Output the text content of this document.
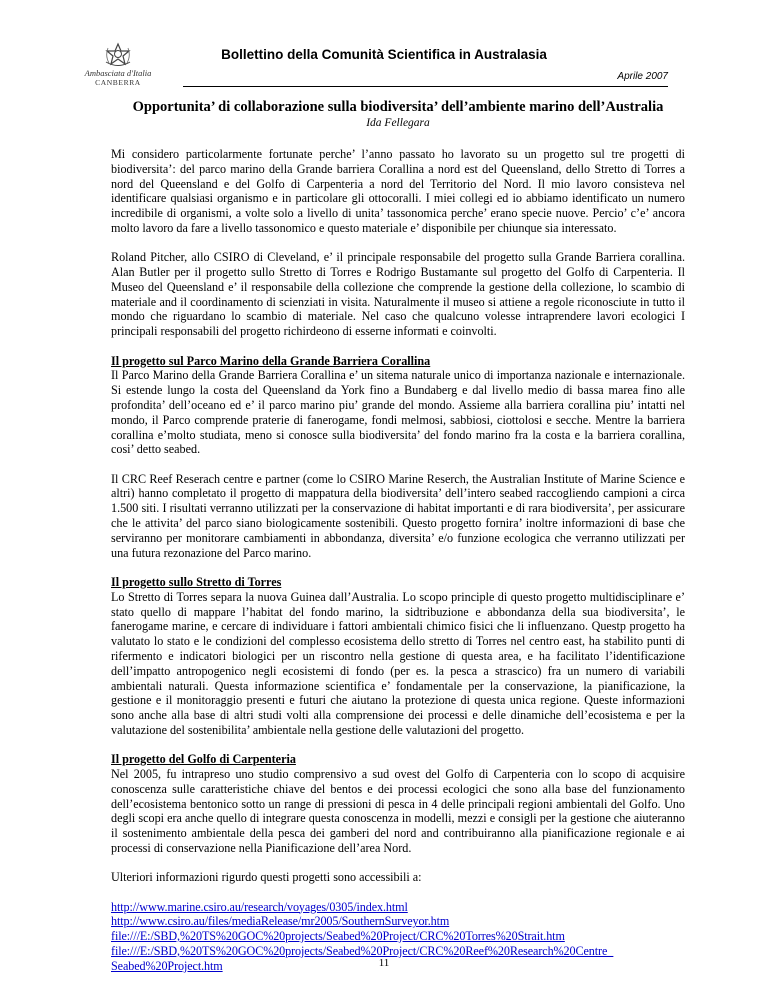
Ambasciata d'Italia
CANBERRA
Bollettino della Comunità Scientifica in Australasia
Aprile 2007

Opportunita’ di collaborazione sulla biodiversita’ dell’ambiente marino dell’Australia

Ida Fellegara

Mi considero particolarmente fortunate perche’ l’anno passato ho lavorato su un progetto sul tre progetti di biodiversita’: del parco marino della Grande barriera Corallina a nord est del Queensland, dello Stretto di Torres a nord del Queensland e del Golfo di Carpenteria a nord del Territorio del Nord. Il mio lavoro consisteva nel identificare qualsiasi organismo e in particolare gli ottocoralli. I miei collegi ed io abbiamo identificato un numero incredibile di organismi, a volte solo a livello di unita’ tassonomica perche’ erano specie nuove. Percio’ c’e’ ancora molto lavoro da fare a livello tassonomico e questo materiale e’ disponibile per chiunque sia interessato.

Roland Pitcher, allo CSIRO di Cleveland, e’ il principale responsabile del progetto sulla Grande Barriera corallina. Alan Butler per il progetto sullo Stretto di Torres e Rodrigo Bustamante sul progetto del Golfo di Carpenteria. Il Museo del Queensland e’ il responsabile della collezione che comprende la gestione della collezione, lo scambio di materiale and il coordinamento di scienziati in visita. Naturalmente il museo si attiene a regole riconosciute in tutto il mondo che riguardano lo scambio di materiale. Nel caso che qualcuno volesse intraprendere lavori ecologici I principali responsabili del progetto richirdeono di esserne informati e coinvolti.

Il progetto sul Parco Marino della Grande Barriera Corallina

Il Parco Marino della Grande Barriera Corallina e’ un sitema naturale unico di importanza nazionale e internazionale. Si estende lungo la costa del Queensland da York fino a Bundaberg e dal livello medio di bassa marea fino alle profondita’ dell’oceano ed e’ il parco marino piu’ grande del mondo. Assieme alla barriera corallina piu’ intatti nel mondo, il Parco comprende praterie di fanerogame, fondi melmosi, sabbiosi, ciottolosi e secche. Mentre la barriera corallina e’molto studiata, meno si conosce sulla biodiversita’ del fondo marino fra la costa e la barriera corallina, cosi’ detto seabed.

Il CRC Reef Reserach centre e partner (come lo CSIRO Marine Reserch, the Australian Institute of Marine Science e altri) hanno completato il progetto di mappatura della biodiversita’ dell’intero seabed raccogliendo campioni a circa 1.500 siti. I risultati verranno utilizzati per la conservazione di habitat importanti e di rara biodiversita’, per assicurare che le attivita’ del parco siano biologicamente sostenibili. Questo progetto fornira’ inoltre informazioni di base che serviranno per monitorare cambiamenti in abbondanza, diversita’ e/o funzione ecologica che verranno utilizzati per una futura rezonazione del Parco marino.

Il progetto sullo Stretto di Torres

Lo Stretto di Torres separa la nuova Guinea dall’Australia. Lo scopo principle di questo progetto multidisciplinare e’ stato quello di mappare l’habitat del fondo marino, la sidtribuzione e abbondanza della sua biodiversita’, le fanerogame marine, e cercare di individuare i fattori ambientali chimico fisici che li influenzano. Questp progetto ha valutato lo stato e le condizioni del complesso ecosistema dello stretto di Torres nel centro east, ha stabilito punti di rifermento e indicatori biologici per un riscontro nella gestione di questa area, e ha facilitato l’identificazione dell’impatto antropogenico negli ecosistemi di fondo (per es. la pesca a strascico) fra un numero di variabili ambientali naturali. Questa informazione scientifica e’ fondamentale per la conservazione, la pianificazione, la gestione e il monitoraggio presenti e futuri che aiutano la protezione di questa unica regione. Queste informazioni sono anche alla base di altri studi volti alla comprensione dei processi e delle dinamiche dell’ecosistema e per la valutazione del sostenibilita’ ambientale nella gestione delle valutazioni del progetto.

Il progetto del Golfo di Carpenteria

Nel 2005, fu intrapreso uno studio comprensivo a sud ovest del Golfo di Carpenteria con lo scopo di acquisire conoscenza sulle caratteristiche chiave del bentos e dei processi ecologici che sono alla base del funzionamento dell’ecosistema bentonico sotto un range di pressioni di pesca in 4 delle principali regioni ambientali del Golfo. Uno degli scopi era anche quello di integrare questa conoscenza in modelli, mezzi e consigli per la gestione che aiuteranno il sostenimento ambientale della pesca dei gamberi del nord and contribuiranno alla pianificazione regionale e ai processi di conservazione nella Pianificazione dell’area Nord.

Ulteriori informazioni rigurdo questi progetti sono accessibili a:

http://www.marine.csiro.au/research/voyages/0305/index.html
http://www.csiro.au/files/mediaRelease/mr2005/SouthernSurveyor.htm
file:///E:/SBD,%20TS%20GOC%20projects/Seabed%20Project/CRC%20Torres%20Strait.htm
file:///E:/SBD,%20TS%20GOC%20projects/Seabed%20Project/CRC%20Reef%20Research%20Centre_
Seabed%20Project.htm	11
